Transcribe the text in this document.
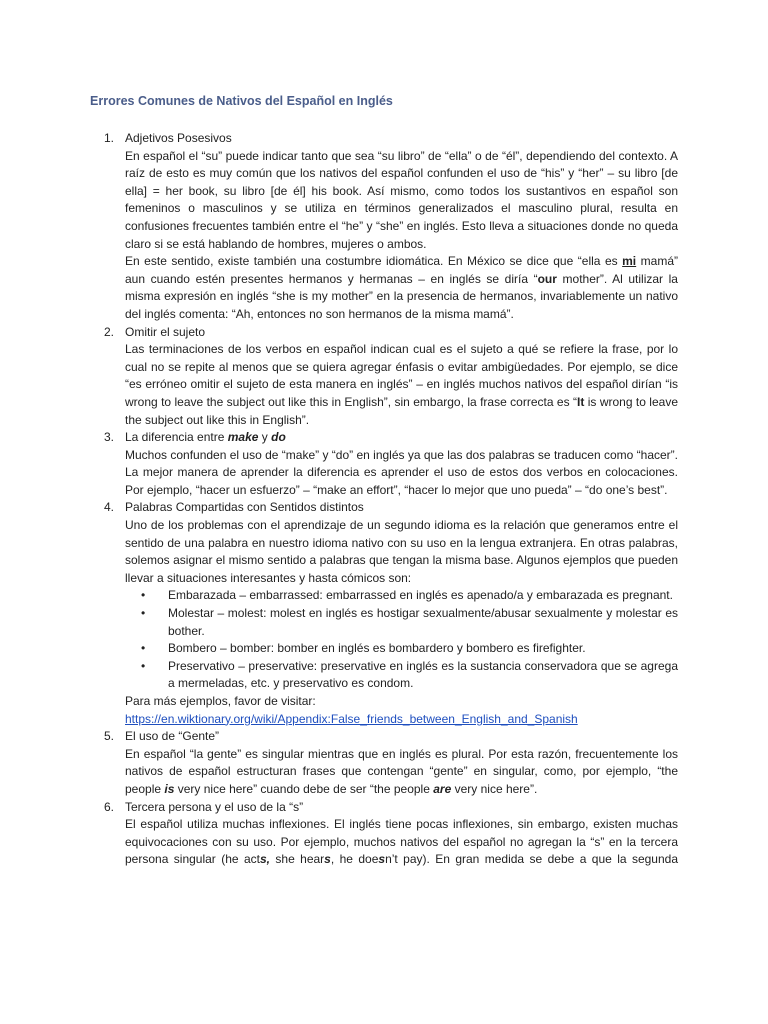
Errores Comunes de Nativos del Español en Inglés
1. Adjetivos Posesivos
En español el “su” puede indicar tanto que sea “su libro” de “ella” o de “él”, dependiendo del contexto. A raíz de esto es muy común que los nativos del español confunden el uso de “his” y “her” – su libro [de ella] = her book, su libro [de él] his book. Así mismo, como todos los sustantivos en español son femeninos o masculinos y se utiliza en términos generalizados el masculino plural, resulta en confusiones frecuentes también entre el “he” y “she” en inglés. Esto lleva a situaciones donde no queda claro si se está hablando de hombres, mujeres o ambos.
En este sentido, existe también una costumbre idiomática. En México se dice que “ella es mi mamá” aun cuando estén presentes hermanos y hermanas – en inglés se diría “our mother”. Al utilizar la misma expresión en inglés “she is my mother” en la presencia de hermanos, invariablemente un nativo del inglés comenta: “Ah, entonces no son hermanos de la misma mamá”.
2. Omitir el sujeto
Las terminaciones de los verbos en español indican cual es el sujeto a qué se refiere la frase, por lo cual no se repite al menos que se quiera agregar énfasis o evitar ambigüedades. Por ejemplo, se dice “es erróneo omitir el sujeto de esta manera en inglés” – en inglés muchos nativos del español dirían “is wrong to leave the subject out like this in English”, sin embargo, la frase correcta es “It is wrong to leave the subject out like this in English”.
3. La diferencia entre make y do
Muchos confunden el uso de “make” y “do” en inglés ya que las dos palabras se traducen como “hacer”. La mejor manera de aprender la diferencia es aprender el uso de estos dos verbos en colocaciones. Por ejemplo, “hacer un esfuerzo” – “make an effort”, “hacer lo mejor que uno pueda” – “do one’s best”.
4. Palabras Compartidas con Sentidos distintos
Uno de los problemas con el aprendizaje de un segundo idioma es la relación que generamos entre el sentido de una palabra en nuestro idioma nativo con su uso en la lengua extranjera. En otras palabras, solemos asignar el mismo sentido a palabras que tengan la misma base. Algunos ejemplos que pueden llevar a situaciones interesantes y hasta cómicos son:
• Embarazada – embarrassed: embarrassed en inglés es apenado/a y embarazada es pregnant.
• Molestar – molest: molest en inglés es hostigar sexualmente/abusar sexualmente y molestar es bother.
• Bombero – bomber: bomber en inglés es bombardero y bombero es firefighter.
• Preservativo – preservative: preservative en inglés es la sustancia conservadora que se agrega a mermeladas, etc. y preservativo es condom.
Para más ejemplos, favor de visitar:
https://en.wiktionary.org/wiki/Appendix:False_friends_between_English_and_Spanish
5. El uso de “Gente”
En español “la gente” es singular mientras que en inglés es plural. Por esta razón, frecuentemente los nativos de español estructuran frases que contengan “gente” en singular, como, por ejemplo, “the people is very nice here” cuando debe de ser “the people are very nice here”.
6. Tercera persona y el uso de la “s”
El español utiliza muchas inflexiones. El inglés tiene pocas inflexiones, sin embargo, existen muchas equivocaciones con su uso. Por ejemplo, muchos nativos del español no agregan la “s” en la tercera persona singular (he acts, she hears, he doesn’t pay). En gran medida se debe a que la segunda
